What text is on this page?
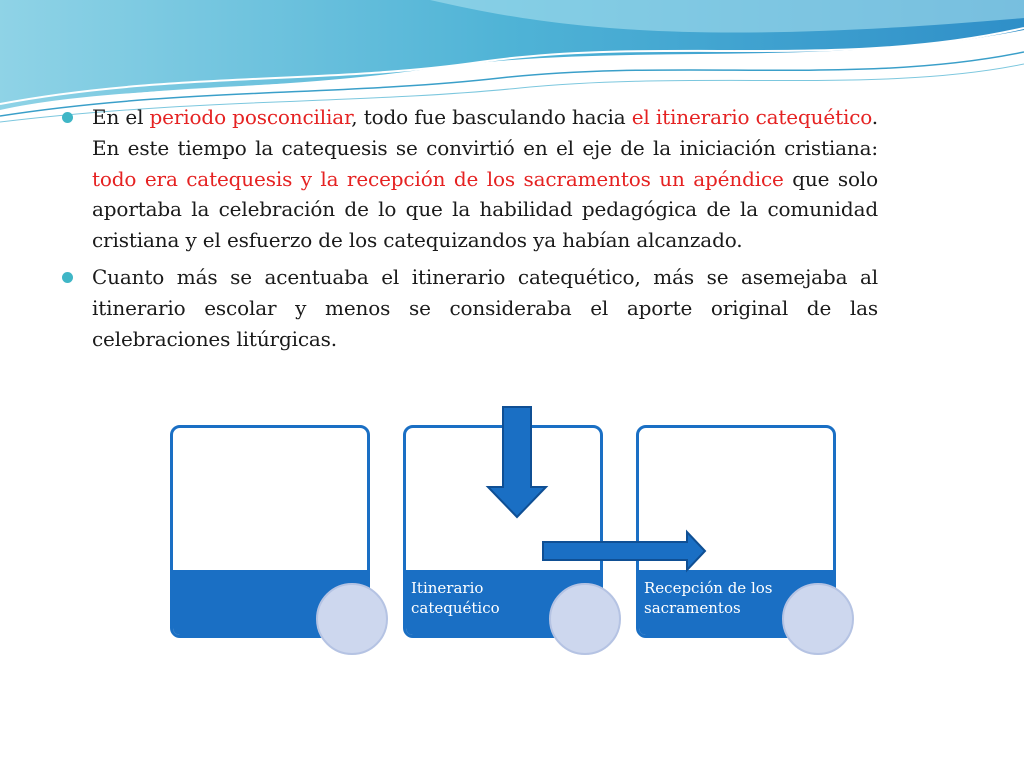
En el periodo posconciliar, todo fue basculando hacia el itinerario catequético. En este tiempo la catequesis se convirtió en el eje de la iniciación cristiana: todo era catequesis y la recepción de los sacramentos un apéndice que solo aportaba la celebración de lo que la habilidad pedagógica de la comunidad cristiana y el esfuerzo de los catequizandos ya habían alcanzado.
Cuanto más se acentuaba el itinerario catequético, más se asemejaba al itinerario escolar y menos se consideraba el aporte original de las celebraciones litúrgicas.
Itinerario catequético
Recepción de los sacramentos
